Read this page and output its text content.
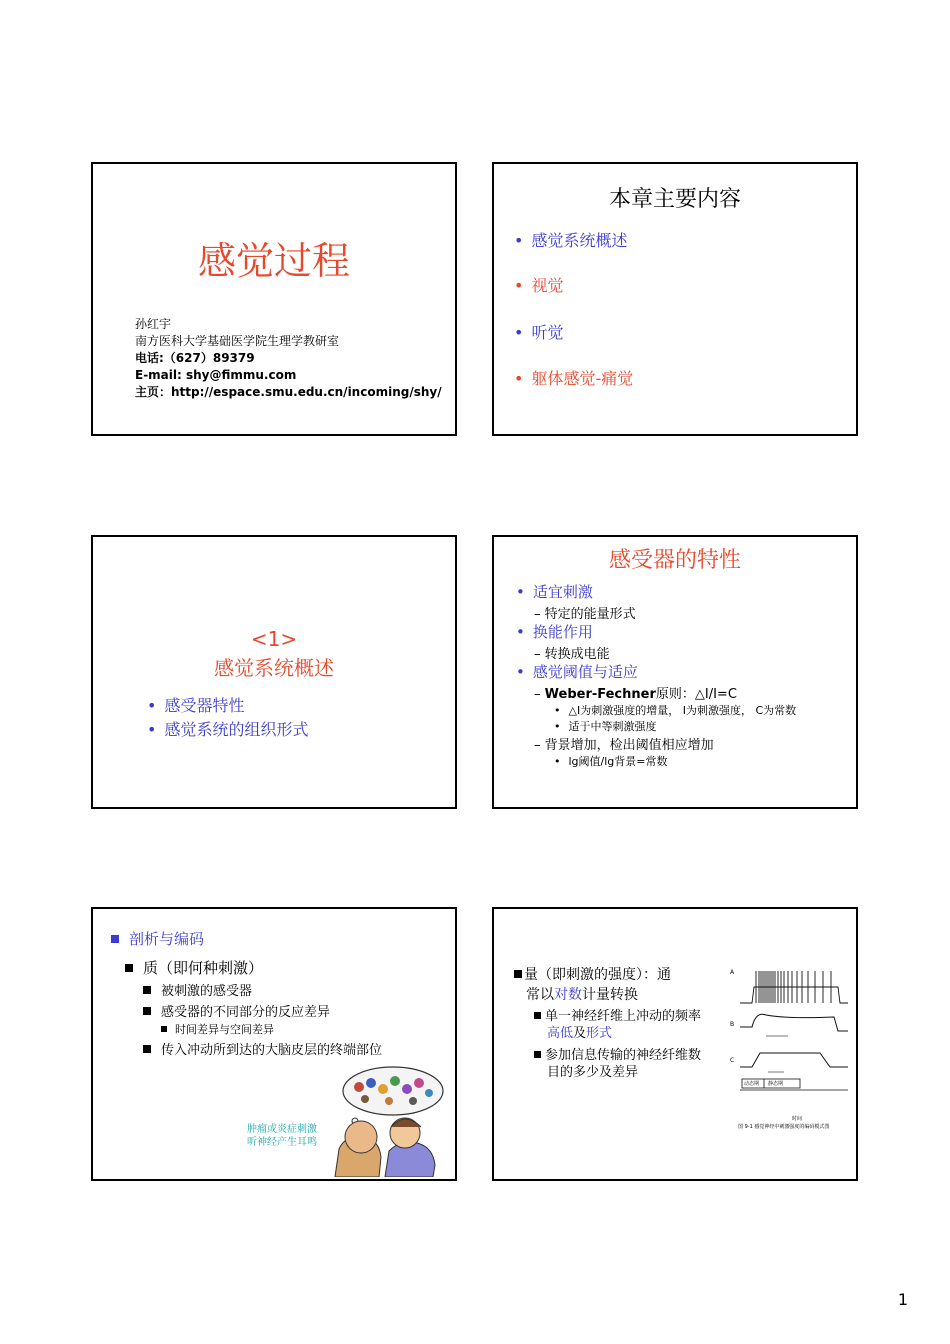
感觉过程
孙红宇
南方医科大学基础医学院生理学教研室
电话:（627）89379
E-mail: shy@fimmu.com
主页：http://espace.smu.edu.cn/incoming/shy/
本章主要内容
• 感觉系统概述
• 视觉
• 听觉
• 躯体感觉-痛觉
<1>
感觉系统概述
• 感受器特性
• 感觉系统的组织形式
感受器的特性
• 适宜刺激
– 特定的能量形式
• 换能作用
– 转换成电能
• 感觉阈值与适应
– Weber-Fechner原则：△I/I=C
• △I为刺激强度的增量， I为刺激强度， C为常数
• 适于中等刺激强度
– 背景增加，检出阈值相应增加
• lg阈值/lg背景=常数
剖析与编码
质（即何种刺激）
被刺激的感受器
感受器的不同部分的反应差异
时间差异与空间差异
传入冲动所到达的大脑皮层的终端部位
肿瘤或炎症刺激
听神经产生耳鸣
量（即刺激的强度）：通
常以对数计量转换
单一神经纤维上冲动的频率
高低及形式
参加信息传输的神经纤维数
目的多少及差异
A
B
C
动态期 静态期
时间
图 9-1 感觉神经中刺激强度的编码模式图
1
